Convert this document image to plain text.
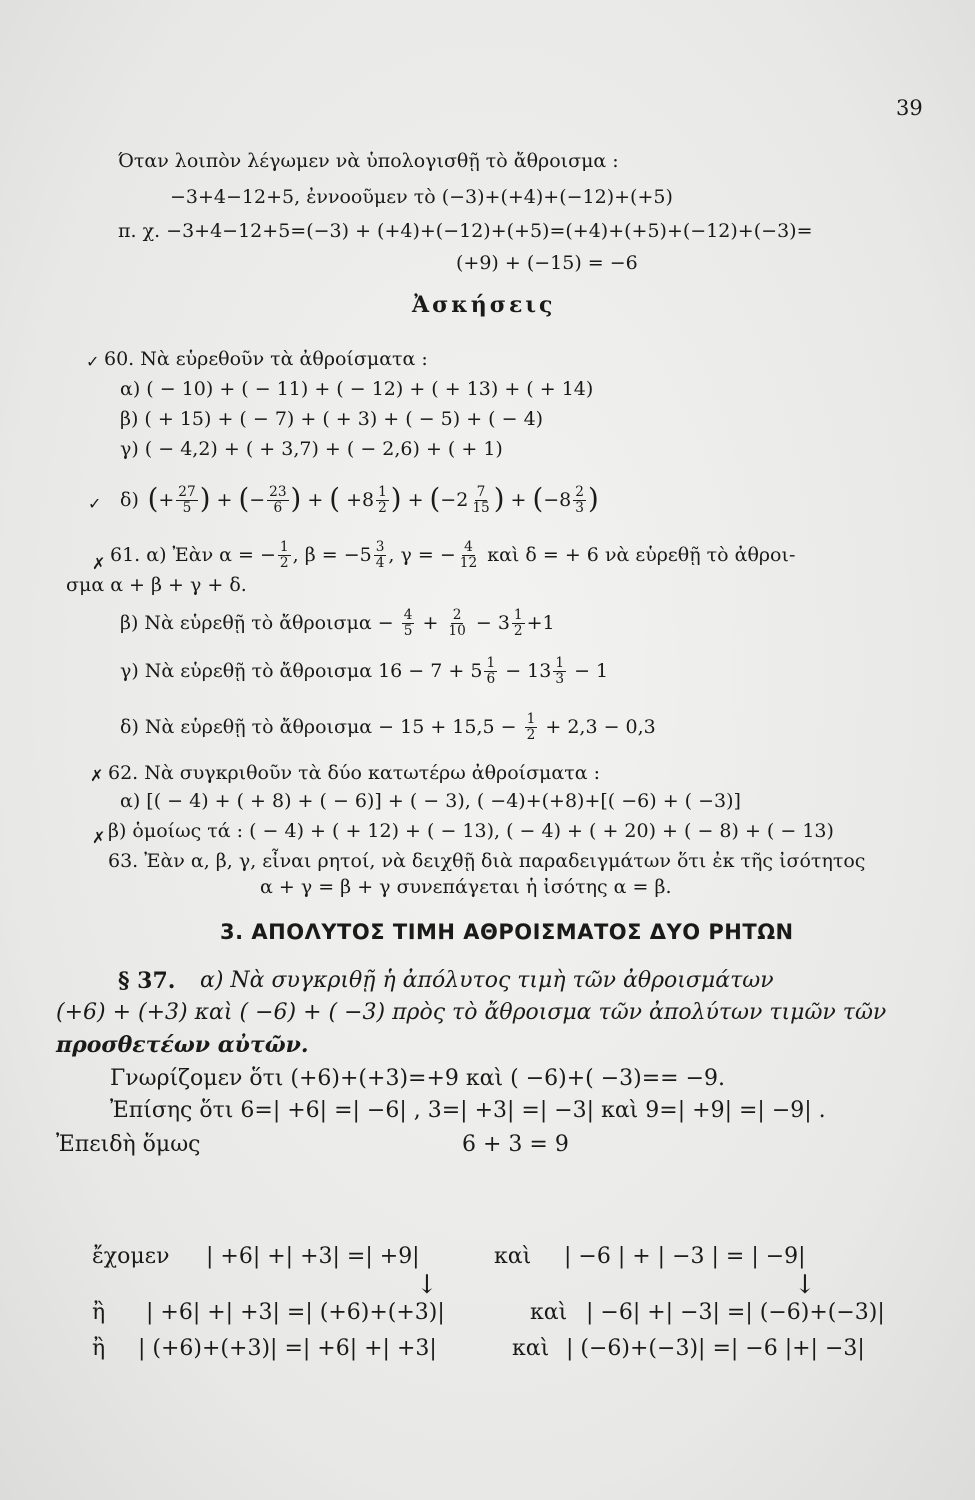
39
Όταν λοιπὸν λέγωμεν νὰ ὑπολογισθῇ τὸ ἄθροισμα :
−3+4−12+5, ἐννοοῦμεν τὸ (−3)+(+4)+(−12)+(+5)
π. χ. −3+4−12+5=(−3) + (+4)+(−12)+(+5)=(+4)+(+5)+(−12)+(−3)=
(+9) + (−15) = −6
Ἀσκήσεις
✓ 60. Νὰ εὑρεθοῦν τὰ ἀθροίσματα :
α) ( − 10) + ( − 11) + ( − 12) + ( + 13) + ( + 14)
β) ( + 15) + ( − 7) + ( + 3) + ( − 5) + ( − 4)
γ) ( − 4,2) + ( + 3,7) + ( − 2,6) + ( + 1)
✓ δ) ( + $\frac{27}{5}$ ) + ( − $\frac{23}{6}$ ) + (
$+8 \frac{1}{2}$ ) + ( $-2 \frac{7}{15}$ ) + ( $-8 \frac{2}{3}$ )
✗ 61. α) Ἐὰν α = − $\frac{1}{2}$ , $\beta = -5 \frac{3}{4}$ , γ = − $\frac{4}{12}$
καὶ δ = + 6 νὰ εὑρεθῇ τὸ ἀθροι-
σμα α + β + γ + δ.
β) Νὰ εὑρεθῇ τὸ ἄθροισμα −
$\frac{4}{5}$
+
$\frac{2}{10}$
− $3 \frac{1}{2} +1$
γ) Νὰ εὑρεθῇ τὸ ἄθροισμα $16 - 7 + 5 \frac{1}{6}$
− $13 \frac{1}{3}$
− 1
δ) Νὰ εὑρεθῇ τὸ ἄθροισμα − 15 + 15,5 −
$\frac{1}{2}$
+ 2,3 − 0,3
✗ 62. Νὰ συγκριθοῦν τὰ δύο κατωτέρω ἀθροίσματα :
α) [( − 4) + ( + 8) + ( − 6)] + ( − 3), ( −4)+(+8)+[( −6) + ( −3)]
✗ β) ὁμοίως τά : ( − 4) + ( + 12) + ( − 13), ( − 4) + ( + 20) + ( − 8) + ( − 13)
63. Ἐὰν α, β, γ, εἶναι ρητοί, νὰ δειχθῇ διὰ παραδειγμάτων ὅτι ἐκ τῆς ἰσότητος
α + γ = β + γ συνεπάγεται ἡ ἰσότης α = β.
3. ΑΠΟΛΥΤΟΣ ΤΙΜΗ ΑΘΡΟΙΣΜΑΤΟΣ ΔΥΟ ΡΗΤΩΝ
§ 37. α) Νὰ συγκριθῇ ἡ ἀπόλυτος τιμὴ τῶν ἀθροισμάτων
(+6) + (+3) καὶ ( −6) + ( −3) πρὸς τὸ ἄθροισμα τῶν ἀπολύτων τιμῶν τῶν
προσθετέων αὐτῶν.
Γνωρίζομεν ὅτι (+6)+(+3)=+9 καὶ ( −6)+( −3)== −9.
Ἐπίσης ὅτι 6=| +6| =| −6| , 3=| +3| =| −3| καὶ 9=| +9| =| −9| .
Ἐπειδὴ ὅμως	6 + 3 = 9
ἔχομεν | +6| +| +3| =| +9|	καὶ | −6 | + | −3 | = | −9|
↓	↓
ἢ | +6| +| +3| =| (+6)+(+3)|	καὶ | −6| +| −3| =| (−6)+(−3)|
ἢ | (+6)+(+3)| =| +6| +| +3|	καὶ | (−6)+(−3)| =| −6 |+| −3|
